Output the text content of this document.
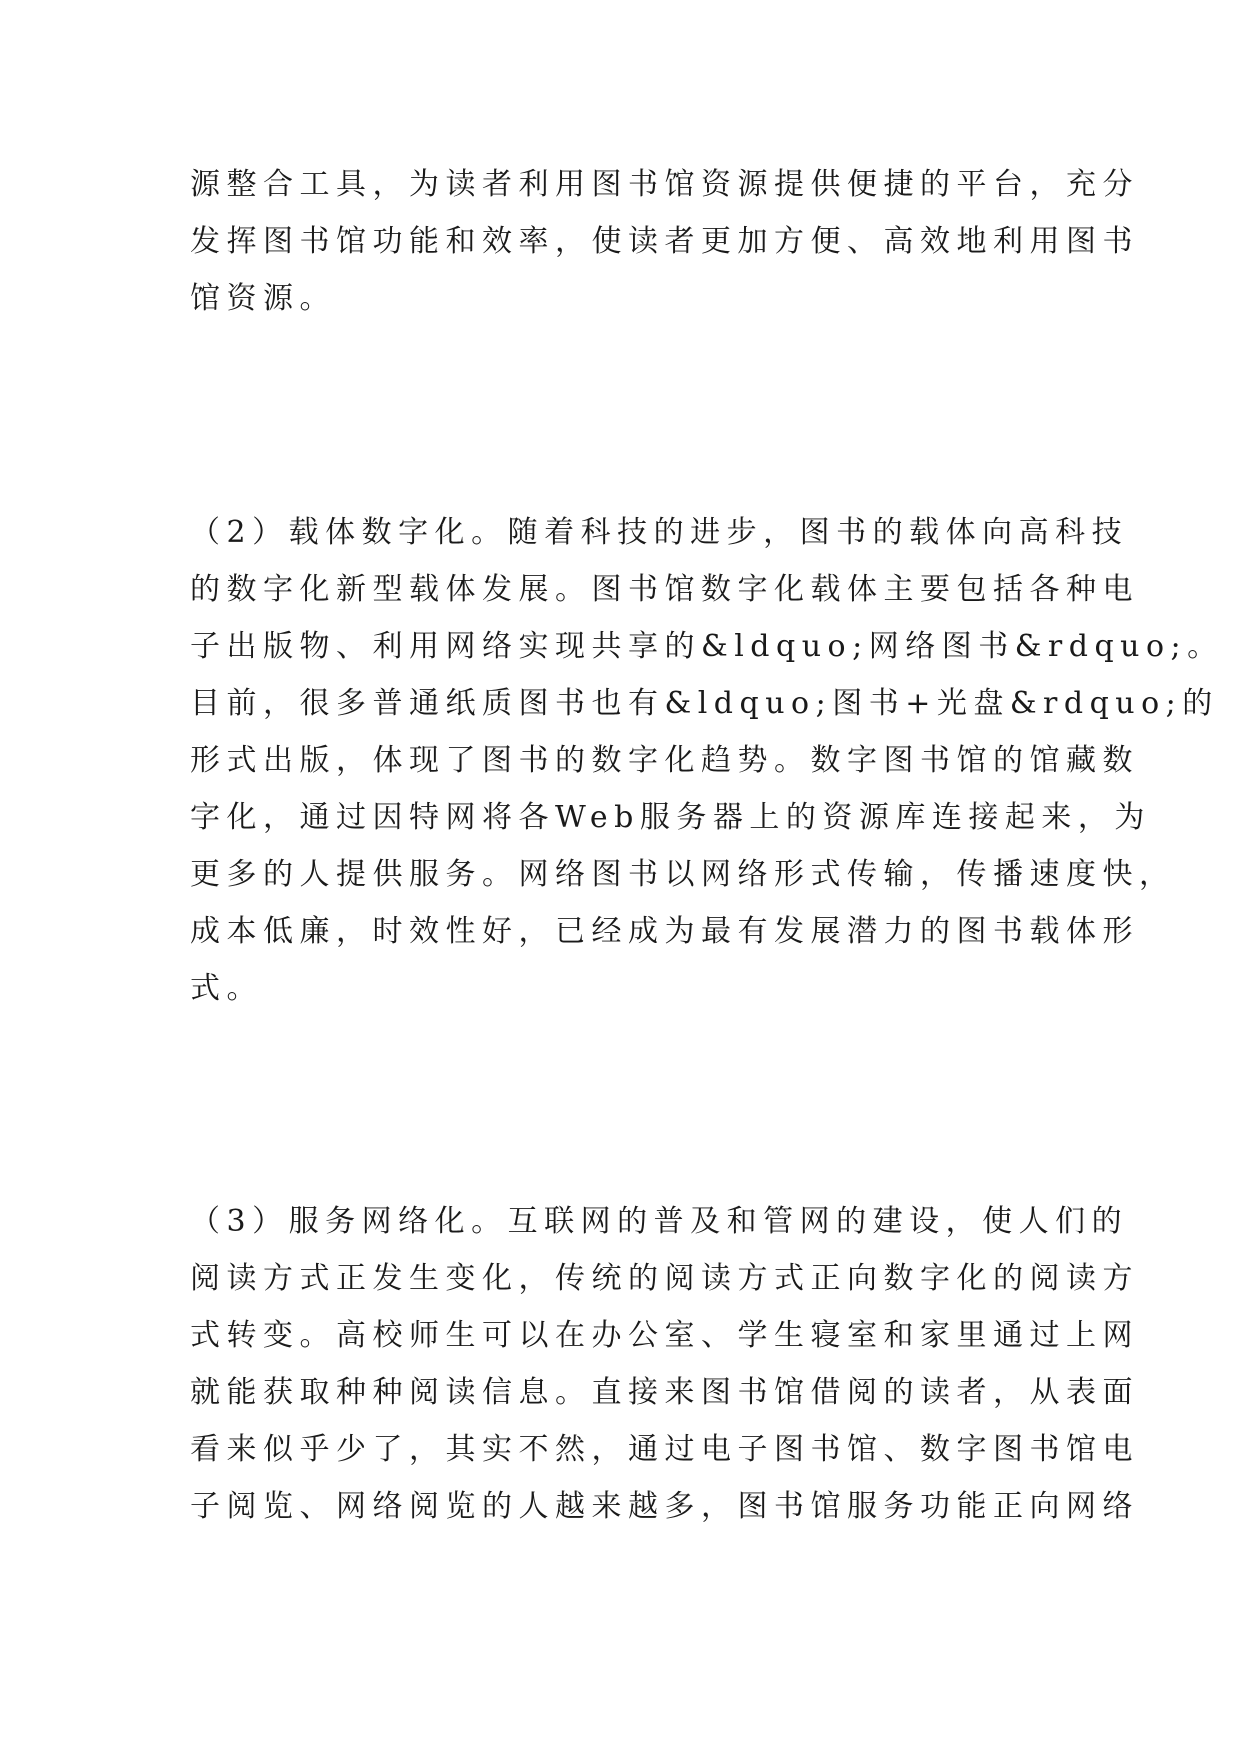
源整合工具，为读者利用图书馆资源提供便捷的平台，充分
发挥图书馆功能和效率，使读者更加方便、高效地利用图书
馆资源。
（2）载体数字化。随着科技的进步，图书的载体向高科技
的数字化新型载体发展。图书馆数字化载体主要包括各种电
子出版物、利用网络实现共享的&ldquo;网络图书&rdquo;。
目前，很多普通纸质图书也有&ldquo;图书+光盘&rdquo;的
形式出版，体现了图书的数字化趋势。数字图书馆的馆藏数
字化，通过因特网将各Web服务器上的资源库连接起来，为
更多的人提供服务。网络图书以网络形式传输，传播速度快，
成本低廉，时效性好，已经成为最有发展潜力的图书载体形
式。
（3）服务网络化。互联网的普及和管网的建设，使人们的
阅读方式正发生变化，传统的阅读方式正向数字化的阅读方
式转变。高校师生可以在办公室、学生寝室和家里通过上网
就能获取种种阅读信息。直接来图书馆借阅的读者，从表面
看来似乎少了，其实不然，通过电子图书馆、数字图书馆电
子阅览、网络阅览的人越来越多，图书馆服务功能正向网络
